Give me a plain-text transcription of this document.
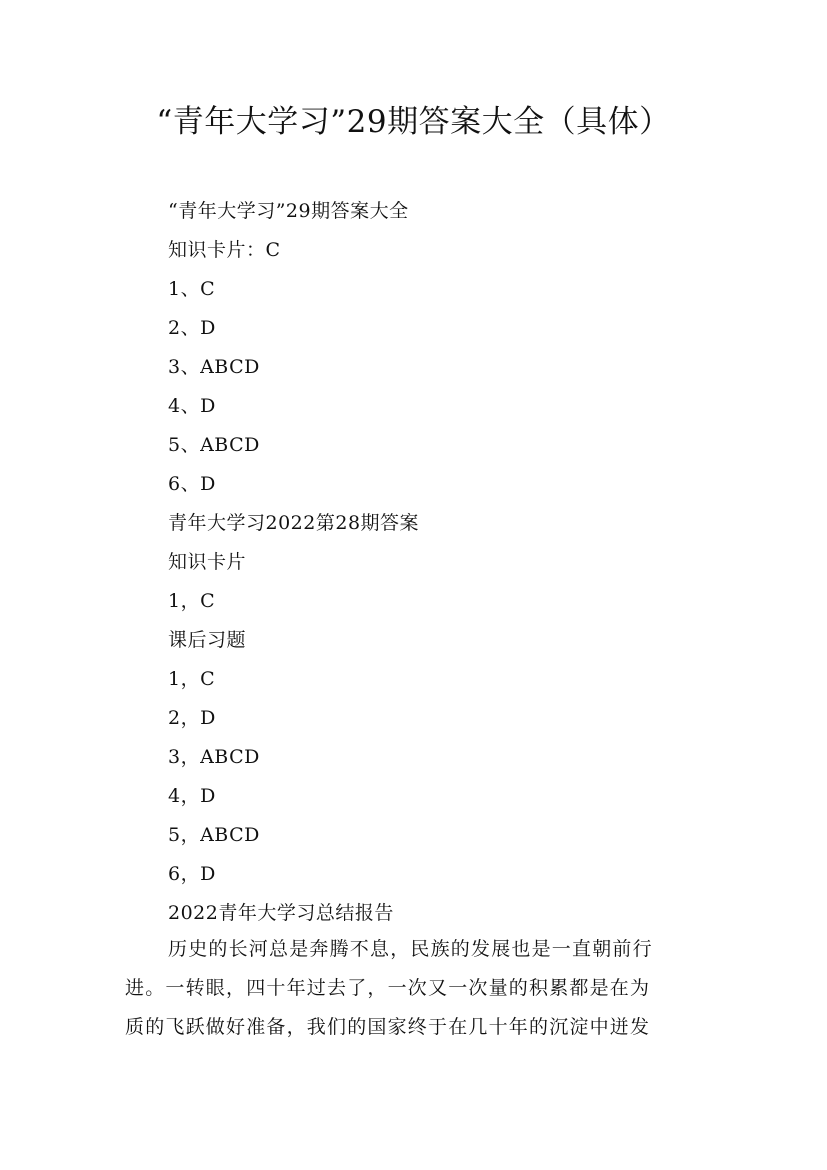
“青年大学习”29期答案大全（具体）
“青年大学习”29期答案大全
知识卡片：C
1、C
2、D
3、ABCD
4、D
5、ABCD
6、D
青年大学习2022第28期答案
知识卡片
1，C
课后习题
1，C
2，D
3，ABCD
4，D
5，ABCD
6，D
2022青年大学习总结报告
历史的长河总是奔腾不息，民族的发展也是一直朝前行
进。一转眼，四十年过去了，一次又一次量的积累都是在为
质的飞跃做好准备，我们的国家终于在几十年的沉淀中迸发
